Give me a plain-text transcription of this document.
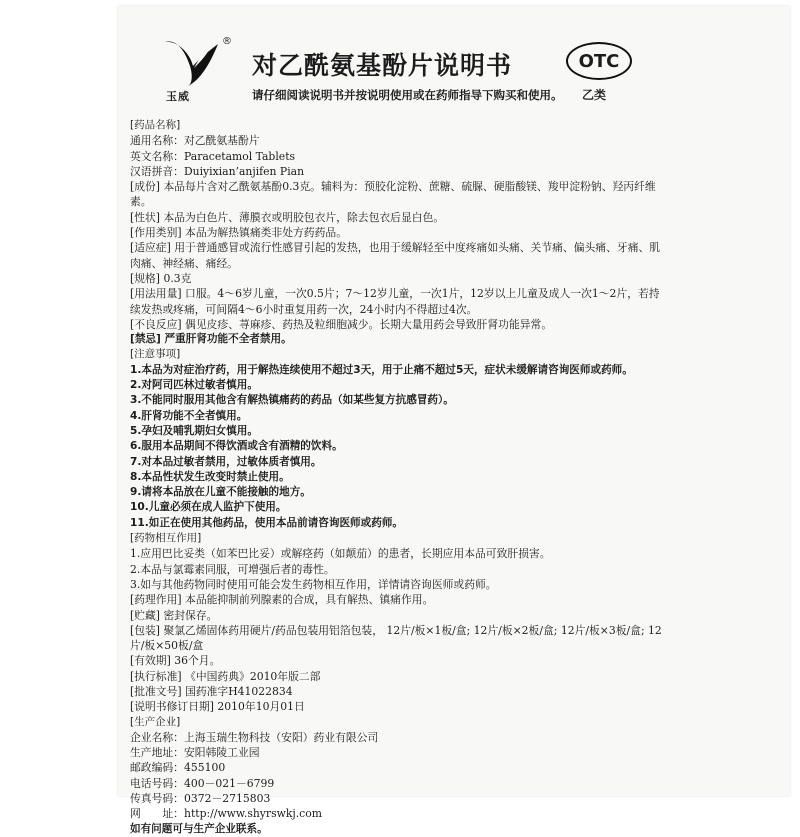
玉威
®
对乙酰氨基酚片说明书
请仔细阅读说明书并按说明使用或在药师指导下购买和使用。
OTC
乙类
[药品名称]
通用名称：对乙酰氨基酚片
英文名称：Paracetamol Tablets
汉语拼音：Duiyixian’anjifen Pian
[成份] 本品每片含对乙酰氨基酚0.3克。辅料为：预胶化淀粉、蔗糖、硫脲、硬脂酸镁、羧甲淀粉钠、羟丙纤维素。
[性状] 本品为白色片、薄膜衣或明胶包衣片，除去包衣后显白色。
[作用类别] 本品为解热镇痛类非处方药药品。
[适应症] 用于普通感冒或流行性感冒引起的发热，也用于缓解轻至中度疼痛如头痛、关节痛、偏头痛、牙痛、肌肉痛、神经痛、痛经。
[规格] 0.3克
[用法用量] 口服。4～6岁儿童，一次0.5片；7～12岁儿童，一次1片，12岁以上儿童及成人一次1～2片，若持续发热或疼痛，可间隔4～6小时重复用药一次，24小时内不得超过4次。
[不良反应] 偶见皮疹、荨麻疹、药热及粒细胞减少。长期大量用药会导致肝肾功能异常。
[禁忌] 严重肝肾功能不全者禁用。
[注意事项]
1.本品为对症治疗药，用于解热连续使用不超过3天，用于止痛不超过5天，症状未缓解请咨询医师或药师。
2.对阿司匹林过敏者慎用。
3.不能同时服用其他含有解热镇痛药的药品（如某些复方抗感冒药）。
4.肝肾功能不全者慎用。
5.孕妇及哺乳期妇女慎用。
6.服用本品期间不得饮酒或含有酒精的饮料。
7.对本品过敏者禁用，过敏体质者慎用。
8.本品性状发生改变时禁止使用。
9.请将本品放在儿童不能接触的地方。
10.儿童必须在成人监护下使用。
11.如正在使用其他药品，使用本品前请咨询医师或药师。
[药物相互作用]
1.应用巴比妥类（如苯巴比妥）或解痉药（如颠茄）的患者，长期应用本品可致肝损害。
2.本品与氯霉素同服，可增强后者的毒性。
3.如与其他药物同时使用可能会发生药物相互作用，详情请咨询医师或药师。
[药理作用] 本品能抑制前列腺素的合成，具有解热、镇痛作用。
[贮藏] 密封保存。
[包装] 聚氯乙烯固体药用硬片/药品包装用铝箔包装， 12片/板×1板/盒; 12片/板×2板/盒; 12片/板×3板/盒; 12片/板×50板/盒
[有效期] 36个月。
[执行标准] 《中国药典》2010年版二部
[批准文号] 国药准字H41022834
[说明书修订日期] 2010年10月01日
[生产企业]
企业名称：上海玉瑞生物科技（安阳）药业有限公司
生产地址：安阳韩陵工业园
邮政编码：455100
电话号码：400－021－6799
传真号码：0372－2715803
网　　址：http://www.shyrswkj.com
如有问题可与生产企业联系。
